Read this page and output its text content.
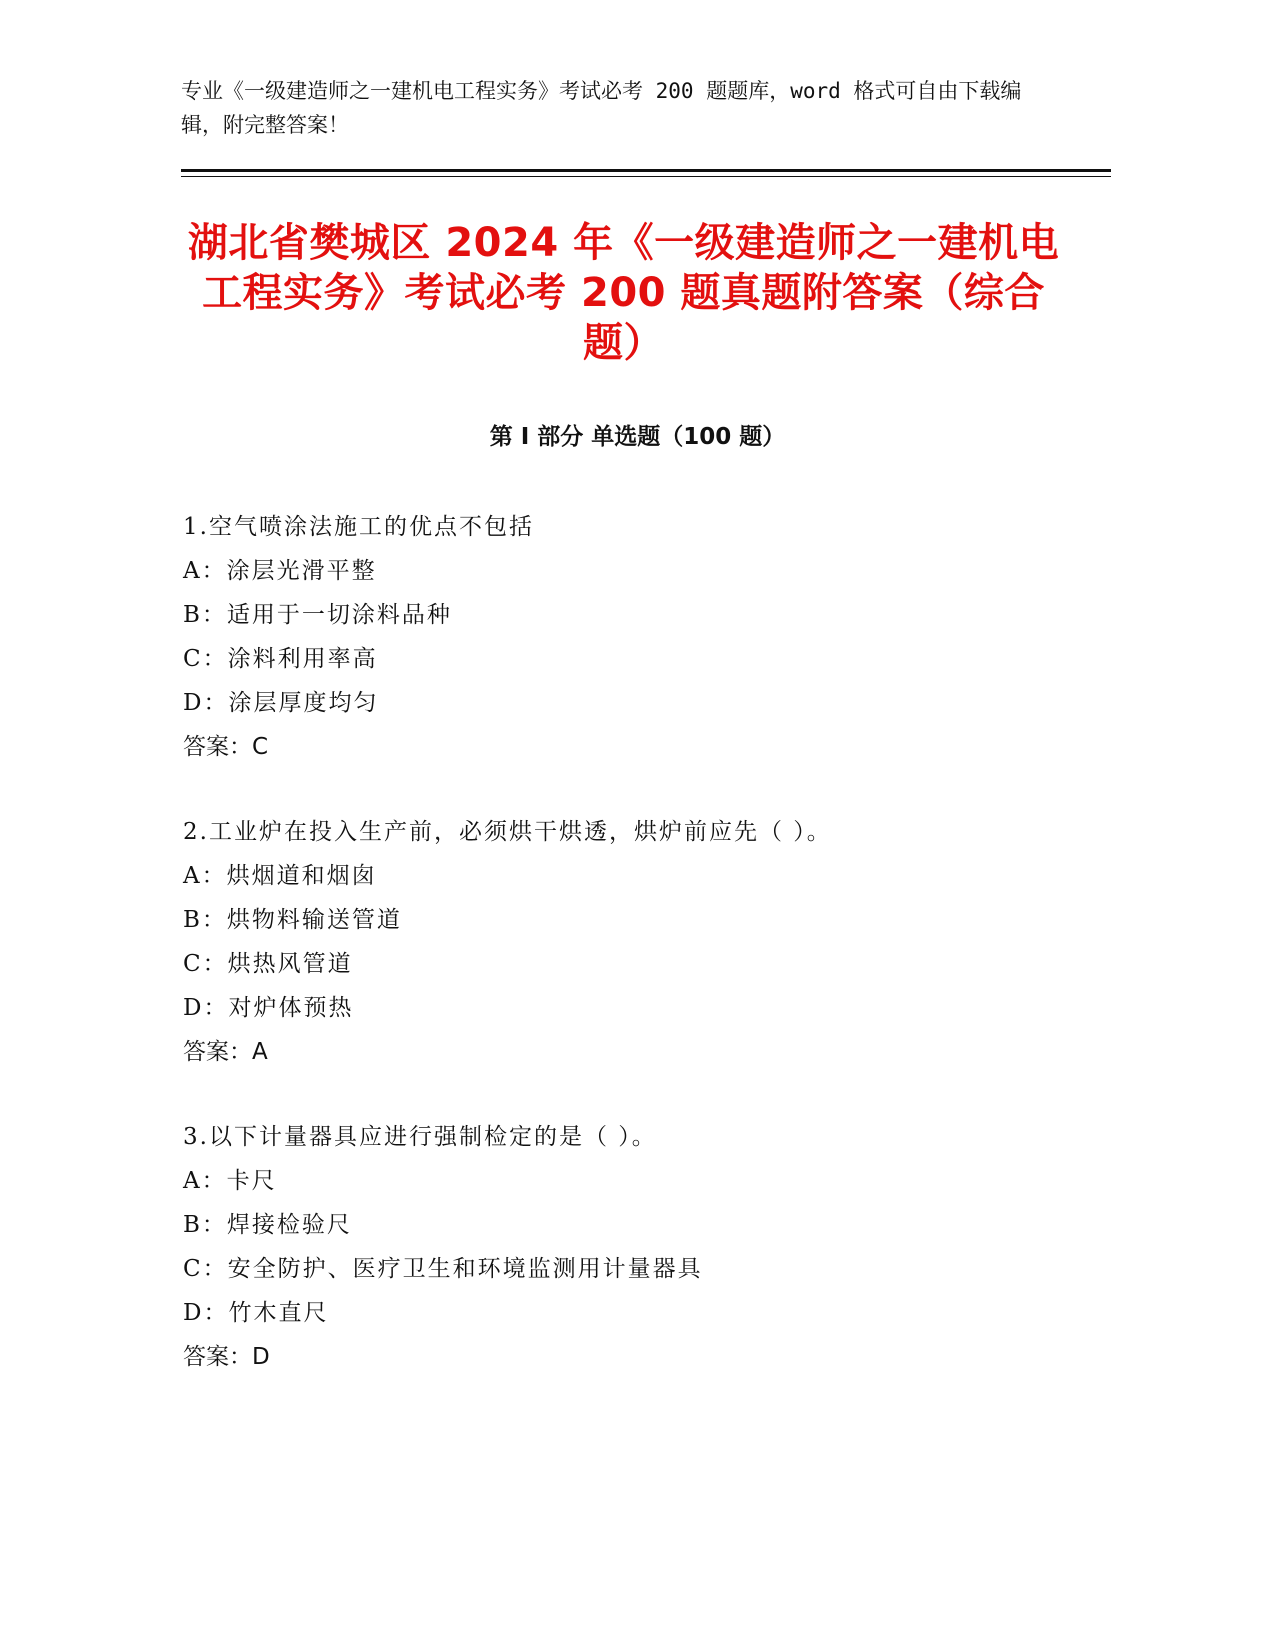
专业《一级建造师之一建机电工程实务》考试必考 200 题题库，word 格式可自由下载编辑，附完整答案！
湖北省樊城区 2024 年《一级建造师之一建机电工程实务》考试必考 200 题真题附答案（综合题）
第 I 部分 单选题（100 题）
1.空气喷涂法施工的优点不包括
A：涂层光滑平整
B：适用于一切涂料品种
C：涂料利用率高
D：涂层厚度均匀
答案：C
2.工业炉在投入生产前，必须烘干烘透，烘炉前应先（ ）。
A：烘烟道和烟囱
B：烘物料输送管道
C：烘热风管道
D：对炉体预热
答案：A
3.以下计量器具应进行强制检定的是（ ）。
A：卡尺
B：焊接检验尺
C：安全防护、医疗卫生和环境监测用计量器具
D：竹木直尺
答案：D
